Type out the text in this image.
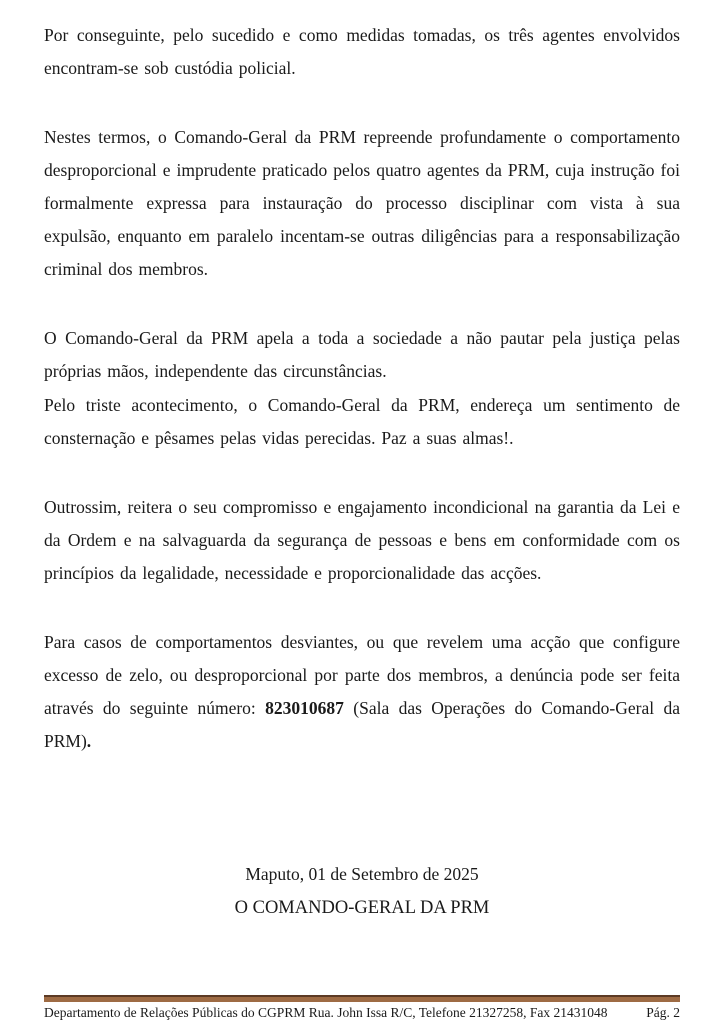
Por conseguinte, pelo sucedido e como medidas tomadas, os três agentes envolvidos encontram-se sob custódia policial.

Nestes termos, o Comando-Geral da PRM repreende profundamente o comportamento desproporcional e imprudente praticado pelos quatro agentes da PRM, cuja instrução foi formalmente expressa para instauração do processo disciplinar com vista à sua expulsão, enquanto em paralelo incentam-se outras diligências para a responsabilização criminal dos membros.

O Comando-Geral da PRM apela a toda a sociedade a não pautar pela justiça pelas próprias mãos, independente das circunstâncias.

Pelo triste acontecimento, o Comando-Geral da PRM, endereça um sentimento de consternação e pêsames pelas vidas perecidas. Paz a suas almas!.

Outrossim, reitera o seu compromisso e engajamento incondicional na garantia da Lei e da Ordem e na salvaguarda da segurança de pessoas e bens em conformidade com os princípios da legalidade, necessidade e proporcionalidade das acções.

Para casos de comportamentos desviantes, ou que revelem uma acção que configure excesso de zelo, ou desproporcional por parte dos membros, a denúncia pode ser feita através do seguinte número: 823010687 (Sala das Operações do Comando-Geral da PRM).

Maputo, 01 de Setembro de 2025
O COMANDO-GERAL DA PRM
Departamento de Relações Públicas do CGPRM Rua. John Issa R/C, Telefone 21327258, Fax 21431048	Pág. 2
